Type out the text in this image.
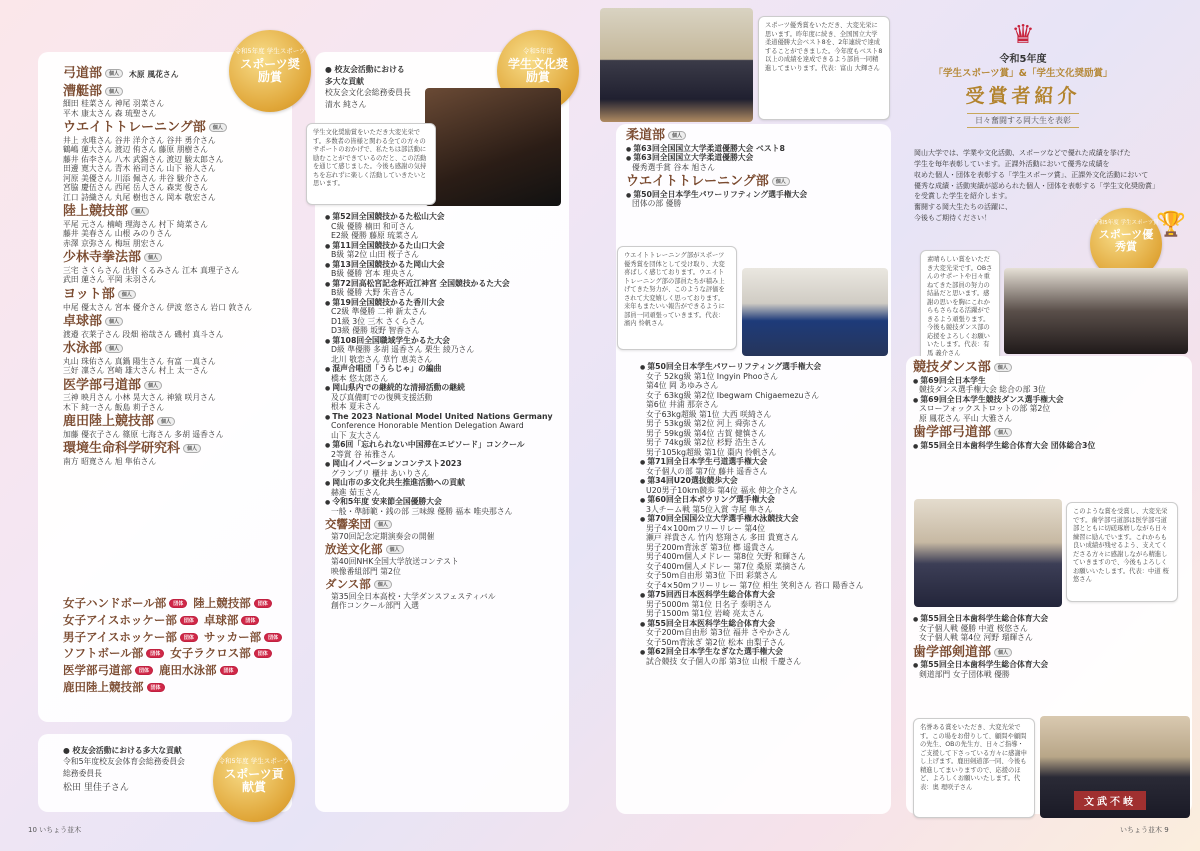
弓道部 個人 木原 風花さん
漕艇部 個人
細田 桂菜さん 神尾 羽菜さん
平木 康太さん 森 琉聖さん
ウエイトトレーニング部 個人
井上 永唯さん 谷井 洋介さん 谷井 勇介さん
鶴嶋 蓮大さん 渡辺 侑さん 藤原 朋樹さん
藤井 佑李さん 八木 武錫さん 渡辺 駿太郎さん
田邊 寛大さん 青木 裕司さん 山下 裕人さん
河原 美優さん 川添 佩さん 井谷 駿介さん
宮脇 慶伍さん 西尾 岳人さん 森実 俊さん
江口 詩織さん 丸尾 樹也さん 岡本 敬宏さん
陸上競技部 個人
平尾 元さん 楠崎 理海さん 村下 綺菜さん
藤井 美春さん 山根 みのりさん
赤澤 京弥さん 梅垣 朋宏さん
少林寺拳法部 個人
三宅 さくらさん 出射 くるみさん 江本 真理子さん
武田 蓮さん 平岡 未羽さん
ヨット部 個人
中尾 優太さん 宮本 優介さん 伊波 悠さん 岩口 敦さん
卓球部 個人
渡邉 衣莱子さん 段畑 裕哉さん 磯村 真斗さん
水泳部 個人
丸山 珠佑さん 真鍋 陽生さん 有富 一真さん
三好 凜さん 宮崎 雄大さん 村上 太一さん
医学部弓道部 個人
三神 映月さん 小林 晃大さん 神猿 咲月さん
木下 純一さん 飯島 莉子さん
鹿田陸上競技部 個人
加藤 優衣子さん 篠原 七海さん 多胡 遥香さん
環境生命科学研究科 個人
南方 昭寛さん 旭 隼佑さん
女子ハンドボール部 団体 陸上競技部 団体
女子アイスホッケー部 団体 卓球部 団体
男子アイスホッケー部 団体 サッカー部 団体
ソフトボール部 団体 女子ラクロス部 団体
医学部弓道部 団体 鹿田水泳部 団体
鹿田陸上競技部 団体
● 校友会活動における多大な貢献
令和5年度校友会体育会総務委員会
総務委員長
松田 里佳子さん
令和5年度 学生スポーツ
スポーツ奨励賞
令和5年度
学生文化奨励賞
令和5年度 学生スポーツ
スポーツ貢献賞
● 校友会活動における
多大な貢献
校友会文化会総務委員長
清水 純さん
学生文化奨励賞をいただき大変光栄です。多数者の皆様と関わる全ての方々のサポートのおかげで、私たちは部活動に励むことができているのだと、この活動を通じて感じました。今後も感謝の気持ちを忘れずに楽しく活動していきたいと思います。
● 第52回全国競技かるた松山大会
C級 優勝 楠田 和可さん
E2級 優勝 藤原 琉菜さん
● 第11回全国競技かるた山口大会
B級 第2位 山田 桜子さん
● 第13回全国競技かるた岡山大会
B級 優勝 宮本 理央さん
● 第72回高松宮記念杯近江神宮 全国競技かるた大会
B級 優勝 大野 朱音さん
● 第19回全国競技かるた香川大会
C2級 準優勝 二神 新太さん
D1級 3位 三木 さくらさん
D3級 優勝 坂野 智香さん
● 第108回全国職域学生かるた大会
D級 準優勝 多胡 遥香さん 栗生 綾乃さん
北川 敬恋さん 草竹 恵美さん
● 混声合唱団「うらじゃ」の編曲
橋本 悠太郎さん
● 岡山県内での継続的な清掃活動の継続
及び真備町での復興支援活動
根本 夏未さん
● The 2023 National Model United Nations Germany
Conference Honorable Mention Delegation Award
山下 友大さん
● 第6回「忘れられない中国滞在エピソード」コンクール
2等賞 谷 祐雅さん
● 岡山イノベーションコンテスト2023
グランプリ 櫃井 あいりさん
● 岡山市の多文化共生推進活動への貢献
赫進 茹玉さん
● 令和5年度 安来節全国優勝大会
一般・準師範・銭の部 三味線 優勝 福本 唯央那さん
交響楽団 個人
第70回記念定期演奏会の開催
放送文化部 個人
第40回NHK全国大学放送コンテスト
映像番組部門 第2位
ダンス部 個人
第35回全日本高校・大学ダンスフェスティバル
創作コンクール部門 入選
10 いちょう並木
スポーツ優秀賞をいただき、大変光栄に思います。昨年度に続き、全国国立大学柔道優勝大会ベスト8を、2年連続で達成することができました。今年度もベスト8以上の成績を達成できるよう部員一同精進してまいります。代表：富山 大輝さん
柔道部 個人
● 第63回全国国立大学柔道優勝大会 ベスト8
● 第63回全国国立大学柔道優勝大会
優秀選手賞 谷本 旭さん
ウエイトトレーニング部 個人
● 第50回全日本学生パワーリフティング選手権大会
団体の部 優勝
ウエイトトレーニング部がスポーツ優秀賞を団体として受け取り、大変喜ばしく感じております。ウエイトトレーニング部の部員たちが積み上げてきた努力が、このような評価をされて大変嬉しく思っております。来年もまたいい報告ができるように部員一同頑張っていきます。代表：濱内 怜帆さん
● 第50回全日本学生パワーリフティング選手権大会
女子 52kg級 第1位 Ingyin Phooさん
第4位 岡 あゆみさん
女子 63kg級 第2位 Ibegwam Chigaemezuさん
第6位 井浦 那奈さん
女子63kg超級 第1位 大西 咲綺さん
男子 53kg級 第2位 河上 舜弥さん
男子 59kg級 第4位 古賀 健慎さん
男子 74kg級 第2位 杉野 浩生さん
男子105kg超級 第1位 棗内 怜帆さん
● 第71回全日本学生弓道選手権大会
女子個人の部 第7位 藤井 遥香さん
● 第34回U20選抜競歩大会
U20男子10km競歩 第4位 福永 伸之介さん
● 第60回全日本ボウリング選手権大会
3人チーム戦 第5位入賞 寺尾 隼さん
● 第70回全国国公立大学選手権水泳競技大会
男子4×100mフリーリレー 第4位
瀬戸 祥貴さん 竹内 悠翔さん 多田 貴寛さん
男子200m背泳ぎ 第3位 榔 遥貴さん
男子400m個人メドレー 第8位 矢野 和輝さん
女子400m個人メドレー 第7位 桑原 菜摘さん
女子50m自由形 第3位 下田 彩葉さん
女子4×50mフリーリレー 第7位 相生 笑利さん 苔口 陽香さん
● 第75回西日本医科学生総合体育大会
男子5000m 第1位 日名子 泰明さん
男子1500m 第1位 岩崎 亮太さん
● 第55回全日本医科学生総合体育大会
女子200m自由形 第3位 福井 さやかさん
女子50m背泳ぎ 第2位 松本 由梨子さん
● 第62回全日本学生なぎなた選手権大会
試合競技 女子個人の部 第3位 山根 千慶さん
♛
令和5年度
「学生スポーツ賞」&「学生文化奨励賞」
受賞者紹介
日々奮闘する岡大生を表彰
岡山大学では、学業や文化活動、スポーツなどで優れた成績を挙げた
学生を毎年表彰しています。正課外活動において優秀な成績を
収めた個人・団体を表彰する「学生スポーツ賞」、正課外文化活動において
優秀な成績・活動実績が認められた個人・団体を表彰する「学生文化奨励賞」
を受賞した学生を紹介します。
奮闘する岡大生たちの活躍に、
今後もご期待ください！
令和5年度 学生スポーツ賞
スポーツ優秀賞
🏆
素晴らしい賞をいただき大変光栄です。OBさんのサポートや日々重ねてきた部員の努力の結晶だと思います。感謝の思いを胸にこれからもさらなる活躍ができるよう頑張ります。今後も競技ダンス部の応援をよろしくお願いいたします。代表：有馬 義介さん
競技ダンス部 個人
● 第69回全日本学生
競技ダンス選手権大会 総合の部 3位
● 第69回全日本学生競技ダンス選手権大会
スローフォックストロットの部 第2位
原 鳳花さん 平山 大雅さん
歯学部弓道部 個人
● 第55回全日本歯科学生総合体育大会 団体総合3位
このような賞を受賞し、大変光栄です。歯学部弓道部は医学部弓道部とともに切磋琢磨しながら日々練習に励んでいます。これからも良い成績が残せるよう、支えてくださる方々に感謝しながら精進していきますので、今後もよろしくお願いいたします。代表：中道 桜悠さん
● 第55回全日本歯科学生総合体育大会
女子個人戦 優勝 中道 桜悠さん
女子個人戦 第4位 河野 瑠輝さん
歯学部剣道部 個人
● 第55回全日本歯科学生総合体育大会
剣道部門 女子団体戦 優勝
名誉ある賞をいただき、大変光栄です。この場をお借りして、顧問や顧問の先生、OBの先生方、日々ご指導・ご支援して下さっている方々に感謝申し上げます。鹿田剣道部一同、今後も精進してまいりますので、応援のほど、よろしくお願いいたします。代表：奥 理咲子さん
文武不岐
いちょう並木 9
